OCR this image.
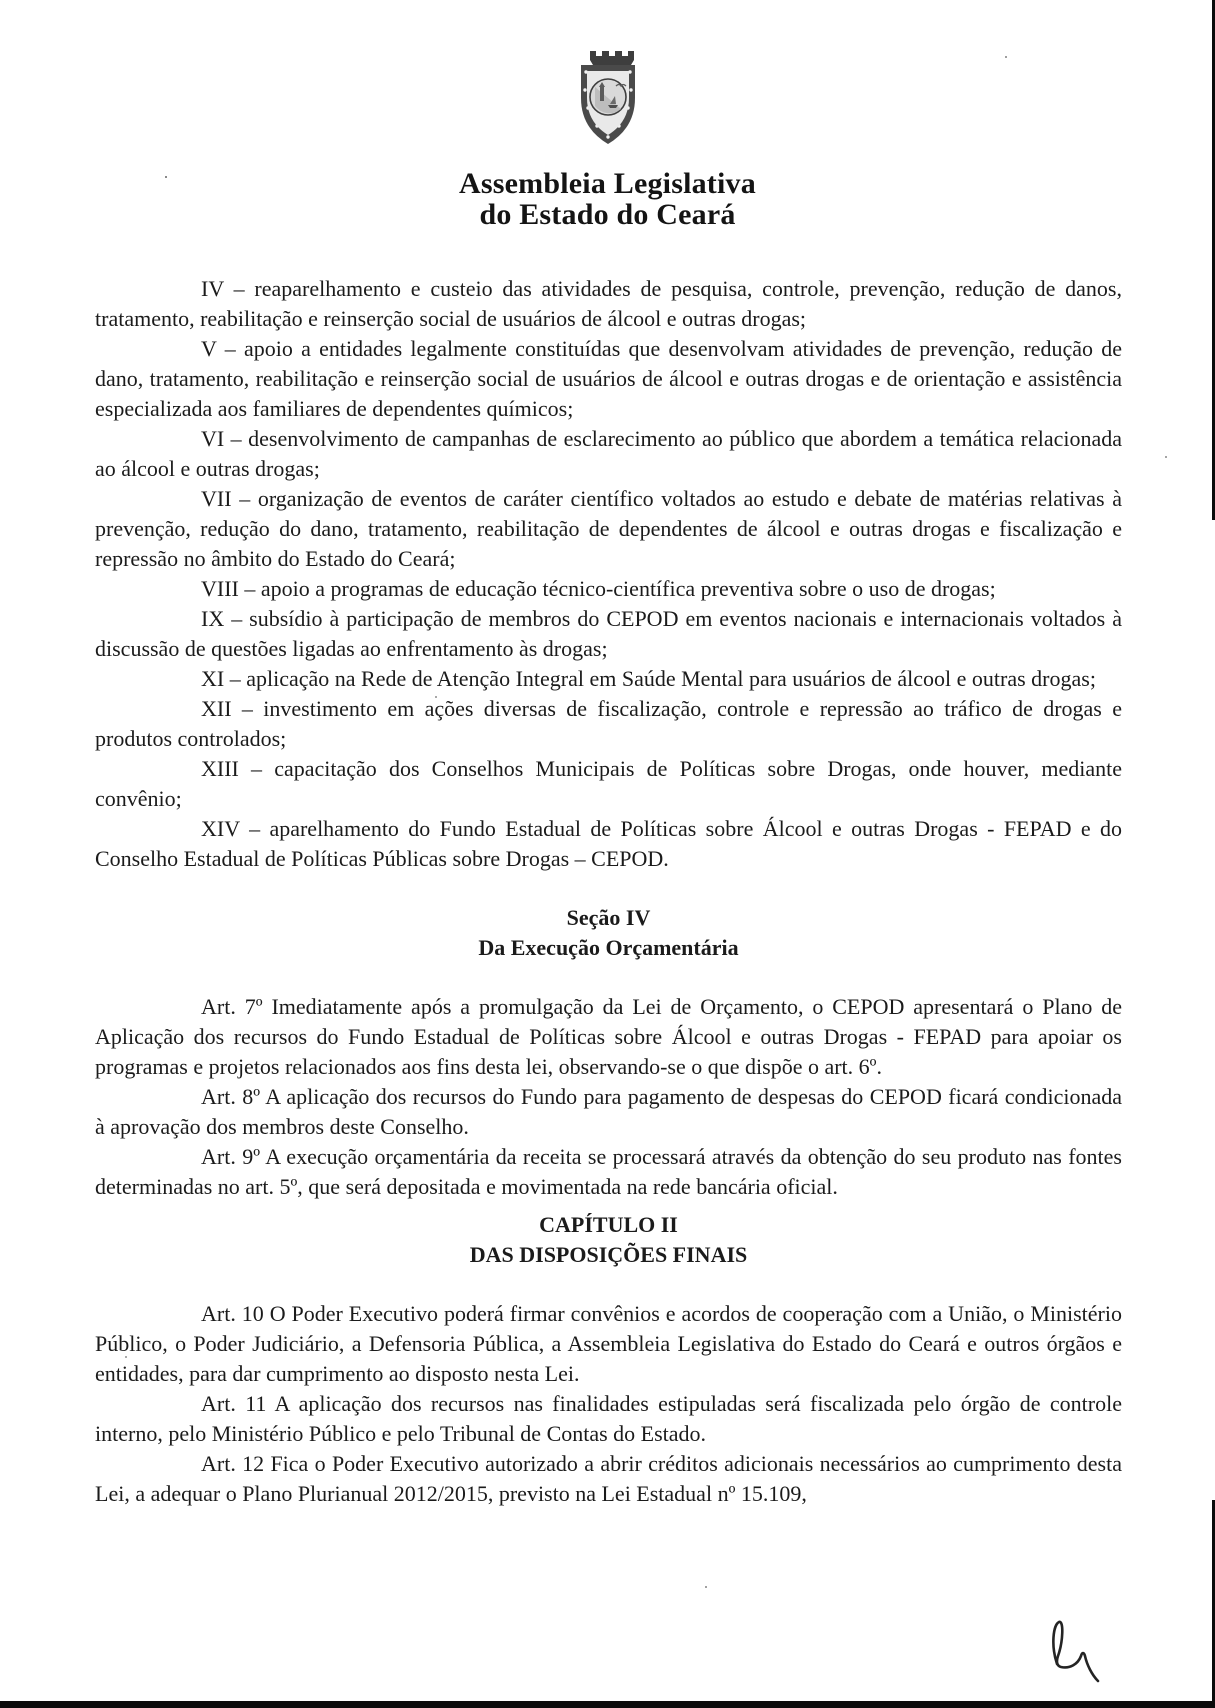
Assembleia Legislativa
do Estado do Ceará

IV – reaparelhamento e custeio das atividades de pesquisa, controle, prevenção, redução de danos, tratamento, reabilitação e reinserção social de usuários de álcool e outras drogas;

V – apoio a entidades legalmente constituídas que desenvolvam atividades de prevenção, redução de dano, tratamento, reabilitação e reinserção social de usuários de álcool e outras drogas e de orientação e assistência especializada aos familiares de dependentes químicos;

VI – desenvolvimento de campanhas de esclarecimento ao público que abordem a temática relacionada ao álcool e outras drogas;

VII – organização de eventos de caráter científico voltados ao estudo e debate de matérias relativas à prevenção, redução do dano, tratamento, reabilitação de dependentes de álcool e outras drogas e fiscalização e repressão no âmbito do Estado do Ceará;

VIII – apoio a programas de educação técnico-científica preventiva sobre o uso de drogas;

IX – subsídio à participação de membros do CEPOD em eventos nacionais e internacionais voltados à discussão de questões ligadas ao enfrentamento às drogas;

XI – aplicação na Rede de Atenção Integral em Saúde Mental para usuários de álcool e outras drogas;

XII – investimento em ações diversas de fiscalização, controle e repressão ao tráfico de drogas e produtos controlados;

XIII – capacitação dos Conselhos Municipais de Políticas sobre Drogas, onde houver, mediante convênio;

XIV – aparelhamento do Fundo Estadual de Políticas sobre Álcool e outras Drogas - FEPAD e do Conselho Estadual de Políticas Públicas sobre Drogas – CEPOD.

Seção IV
Da Execução Orçamentária

Art. 7º Imediatamente após a promulgação da Lei de Orçamento, o CEPOD apresentará o Plano de Aplicação dos recursos do Fundo Estadual de Políticas sobre Álcool e outras Drogas - FEPAD para apoiar os programas e projetos relacionados aos fins desta lei, observando-se o que dispõe o art. 6º.

Art. 8º A aplicação dos recursos do Fundo para pagamento de despesas do CEPOD ficará condicionada à aprovação dos membros deste Conselho.

Art. 9º A execução orçamentária da receita se processará através da obtenção do seu produto nas fontes determinadas no art. 5º, que será depositada e movimentada na rede bancária oficial.

CAPÍTULO II
DAS DISPOSIÇÕES FINAIS

Art. 10 O Poder Executivo poderá firmar convênios e acordos de cooperação com a União, o Ministério Público, o Poder Judiciário, a Defensoria Pública, a Assembleia Legislativa do Estado do Ceará e outros órgãos e entidades, para dar cumprimento ao disposto nesta Lei.

Art. 11 A aplicação dos recursos nas finalidades estipuladas será fiscalizada pelo órgão de controle interno, pelo Ministério Público e pelo Tribunal de Contas do Estado.

Art. 12 Fica o Poder Executivo autorizado a abrir créditos adicionais necessários ao cumprimento desta Lei, a adequar o Plano Plurianual 2012/2015, previsto na Lei Estadual nº 15.109,
